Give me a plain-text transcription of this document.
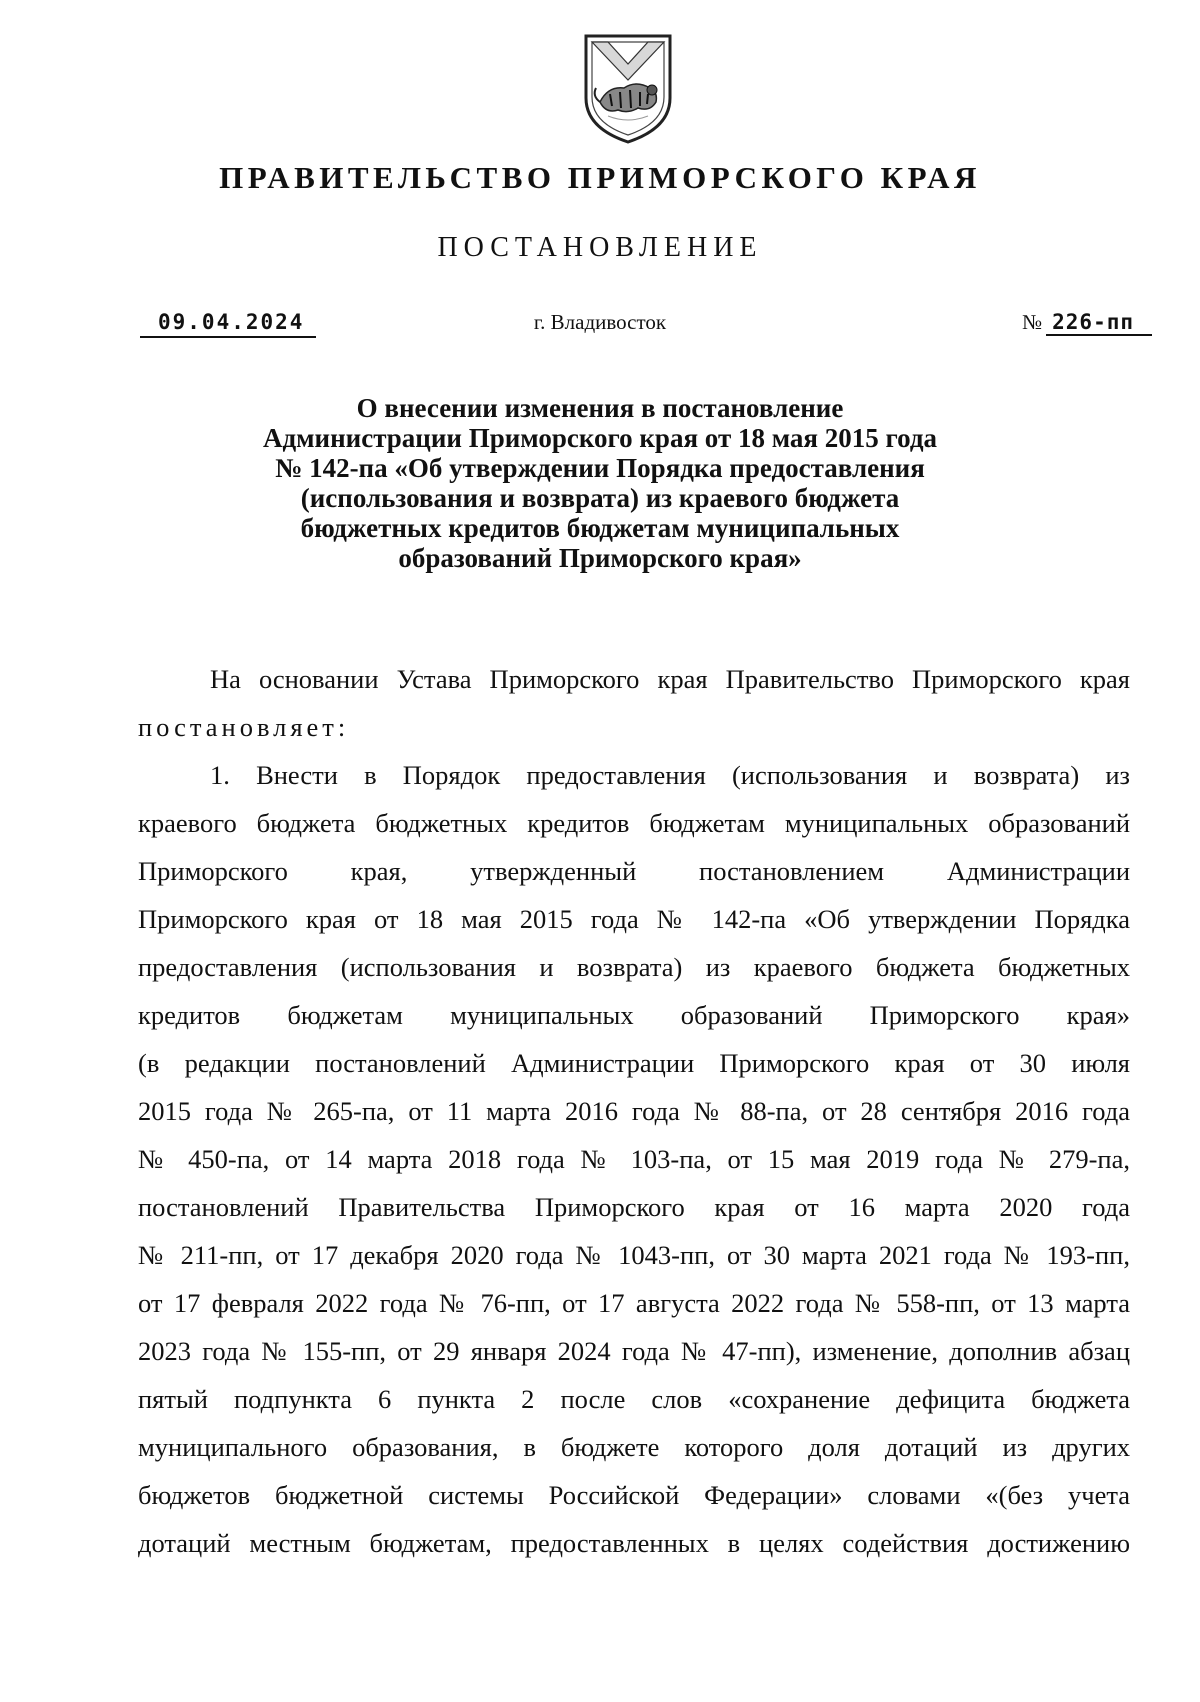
ПРАВИТЕЛЬСТВО ПРИМОРСКОГО КРАЯ
ПОСТАНОВЛЕНИЕ
09.04.2024	г. Владивосток	№ 226-пп
О внесении изменения в постановление
Администрации Приморского края от 18 мая 2015 года
№ 142-па «Об утверждении Порядка предоставления
(использования и возврата) из краевого бюджета
бюджетных кредитов бюджетам муниципальных
образований Приморского края»
На основании Устава Приморского края Правительство Приморского края
постановляет:
1. Внести в Порядок предоставления (использования и возврата) из
краевого бюджета бюджетных кредитов бюджетам муниципальных образований
Приморского края, утвержденный постановлением Администрации
Приморского края от 18 мая 2015 года № 142-па «Об утверждении Порядка
предоставления (использования и возврата) из краевого бюджета бюджетных
кредитов бюджетам муниципальных образований Приморского края»
(в редакции постановлений Администрации Приморского края от 30 июля
2015 года № 265-па, от 11 марта 2016 года № 88-па, от 28 сентября 2016 года
№ 450-па, от 14 марта 2018 года № 103-па, от 15 мая 2019 года № 279-па,
постановлений Правительства Приморского края от 16 марта 2020 года
№ 211-пп, от 17 декабря 2020 года № 1043-пп, от 30 марта 2021 года № 193-пп,
от 17 февраля 2022 года № 76-пп, от 17 августа 2022 года № 558-пп, от 13 марта
2023 года № 155-пп, от 29 января 2024 года № 47-пп), изменение, дополнив абзац
пятый подпункта 6 пункта 2 после слов «сохранение дефицита бюджета
муниципального образования, в бюджете которого доля дотаций из других
бюджетов бюджетной системы Российской Федерации» словами «(без учета
дотаций местным бюджетам, предоставленных в целях содействия достижению
